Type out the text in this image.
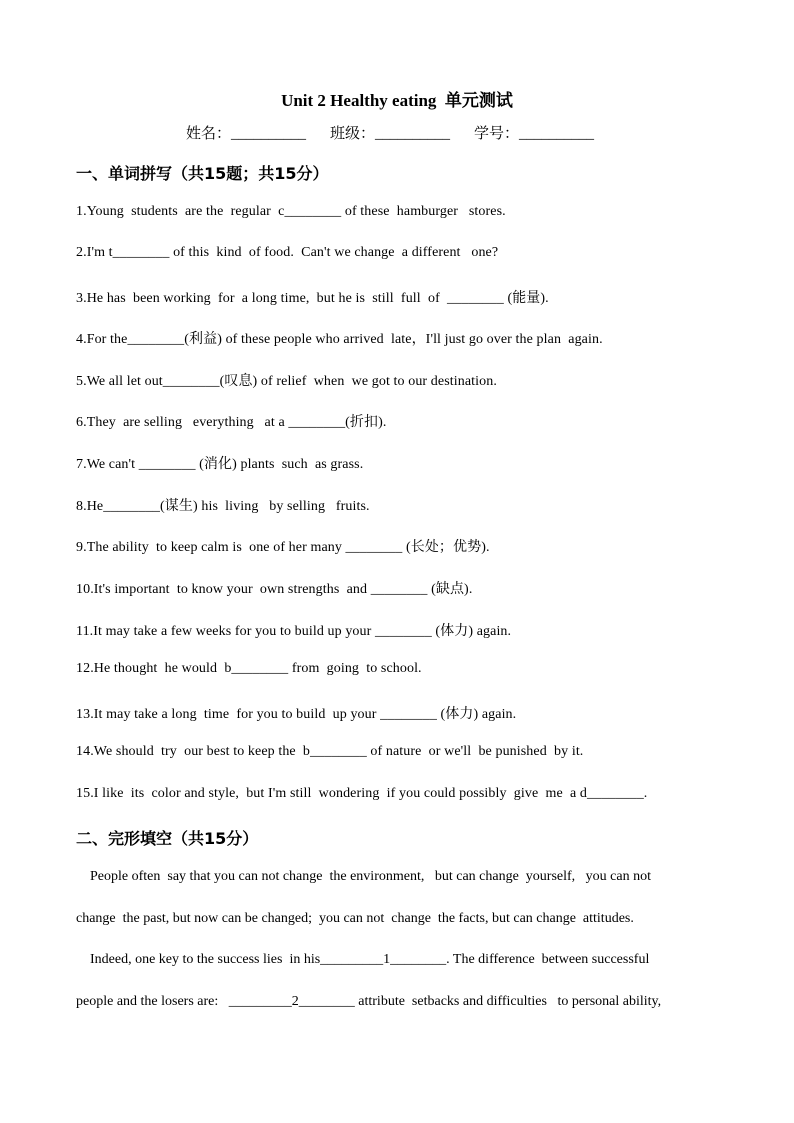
Unit 2 Healthy eating  单元测试
姓名：__________ 班级：__________ 学号：__________
一、单词拼写（共15题；共15分）
1.Young  students  are the  regular  c________ of these  hamburger   stores.
2.I'm t________ of this  kind  of food.  Can't we change  a different   one?
3.He has  been working  for  a long time,  but he is  still  full  of  ________ (能量).
4.For the________(利益) of these people who arrived  late，I'll just go over the plan  again.
5.We all let out________(叹息) of relief  when  we got to our destination.
6.They  are selling   everything   at a ________(折扣).
7.We can't ________ (消化) plants  such  as grass.
8.He________(谋生) his  living   by selling   fruits.
9.The ability  to keep calm is  one of her many ________ (长处；优势).
10.It's important  to know your  own strengths  and ________ (缺点).
11.It may take a few weeks for you to build up your ________ (体力) again.
12.He thought  he would  b________ from  going  to school.
13.It may take a long  time  for you to build  up your ________ (体力) again.
14.We should  try  our best to keep the  b________ of nature  or we'll  be punished  by it.
15.I like  its  color and style,  but I'm still  wondering  if you could possibly  give  me  a d________.
二、完形填空（共15分）
People often  say that you can not change  the environment,   but can change  yourself,   you can not
change  the past, but now can be changed;  you can not  change  the facts, but can change  attitudes.
Indeed, one key to the success lies  in his_________1________. The difference  between successful
people and the losers are:   _________2________ attribute  setbacks and difficulties   to personal ability,
